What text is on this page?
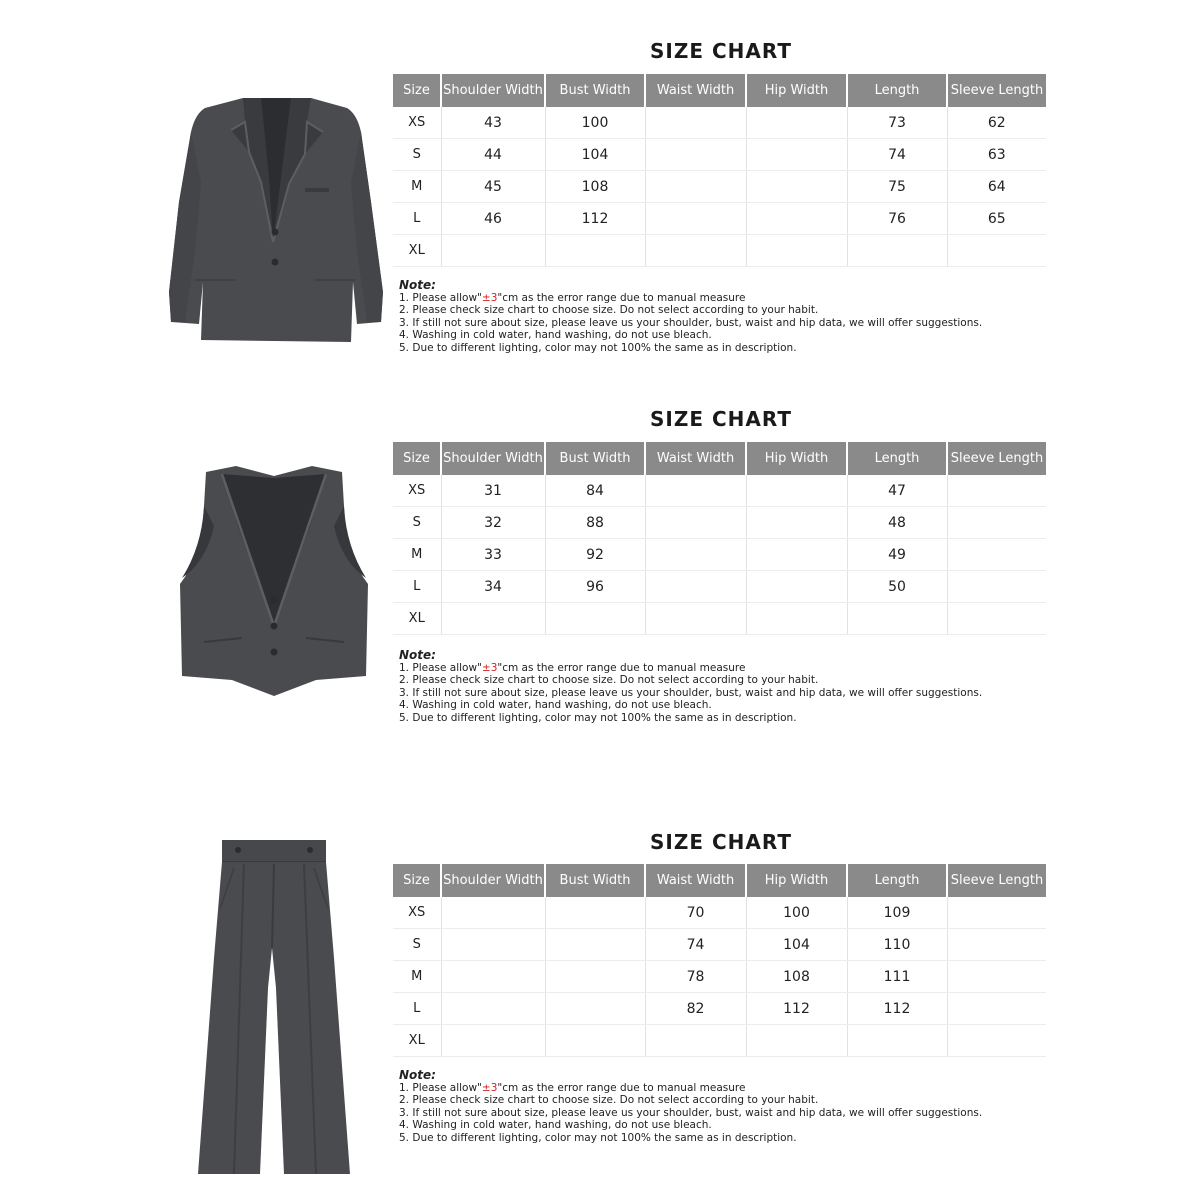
SIZE CHART
Size	Shoulder Width	Bust Width	Waist Width	Hip Width	Length	Sleeve Length
XS	43	100			73	62
S	44	104			74	63
M	45	108			75	64
L	46	112			76	65
XL						
Note:
1. Please allow"±3"cm as the error range due to manual measure
2. Please check size chart to choose size. Do not select according to your habit.
3. If still not sure about size, please leave us your shoulder, bust, waist and hip data, we will offer suggestions.
4. Washing in cold water, hand washing, do not use bleach.
5. Due to different lighting, color may not 100% the same as in description.
SIZE CHART
Size	Shoulder Width	Bust Width	Waist Width	Hip Width	Length	Sleeve Length
XS	31	84			47	
S	32	88			48	
M	33	92			49	
L	34	96			50	
XL						
Note:
1. Please allow"±3"cm as the error range due to manual measure
2. Please check size chart to choose size. Do not select according to your habit.
3. If still not sure about size, please leave us your shoulder, bust, waist and hip data, we will offer suggestions.
4. Washing in cold water, hand washing, do not use bleach.
5. Due to different lighting, color may not 100% the same as in description.
SIZE CHART
Size	Shoulder Width	Bust Width	Waist Width	Hip Width	Length	Sleeve Length
XS			70	100	109	
S			74	104	110	
M			78	108	111	
L			82	112	112	
XL						
Note:
1. Please allow"±3"cm as the error range due to manual measure
2. Please check size chart to choose size. Do not select according to your habit.
3. If still not sure about size, please leave us your shoulder, bust, waist and hip data, we will offer suggestions.
4. Washing in cold water, hand washing, do not use bleach.
5. Due to different lighting, color may not 100% the same as in description.
